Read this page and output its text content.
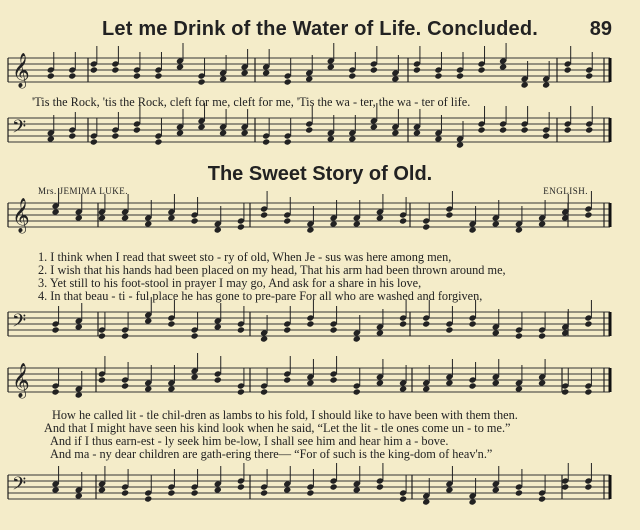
Let me Drink of the Water of Life. Concluded.	89
𝄞
𝄢
𝄞
𝄢
𝄞
𝄢
'Tis the Rock, 'tis the Rock, cleft for me, cleft for me, 'Tis the wa - ter, the wa - ter of life.
The Sweet Story of Old.
Mrs. JEMIMA LUKE.	ENGLISH.
1. I think when I read that sweet sto - ry of old, When Je - sus was here among men,
2. I wish that his hands had been placed on my head, That his arm had been thrown around me,
3. Yet still to his foot-stool in prayer I may go, And ask for a share in his love,
4. In that beau - ti - ful place he has gone to pre-pare For all who are washed and forgiven,
How he called lit - tle chil-dren as lambs to his fold, I should like to have been with them then.
And that I might have seen his kind look when he said, “Let the lit - tle ones come un - to me.”
And if I thus earn-est - ly seek him be-low, I shall see him and hear him a - bove.
And ma - ny dear children are gath-ering there— “For of such is the king-dom of heav'n.”
